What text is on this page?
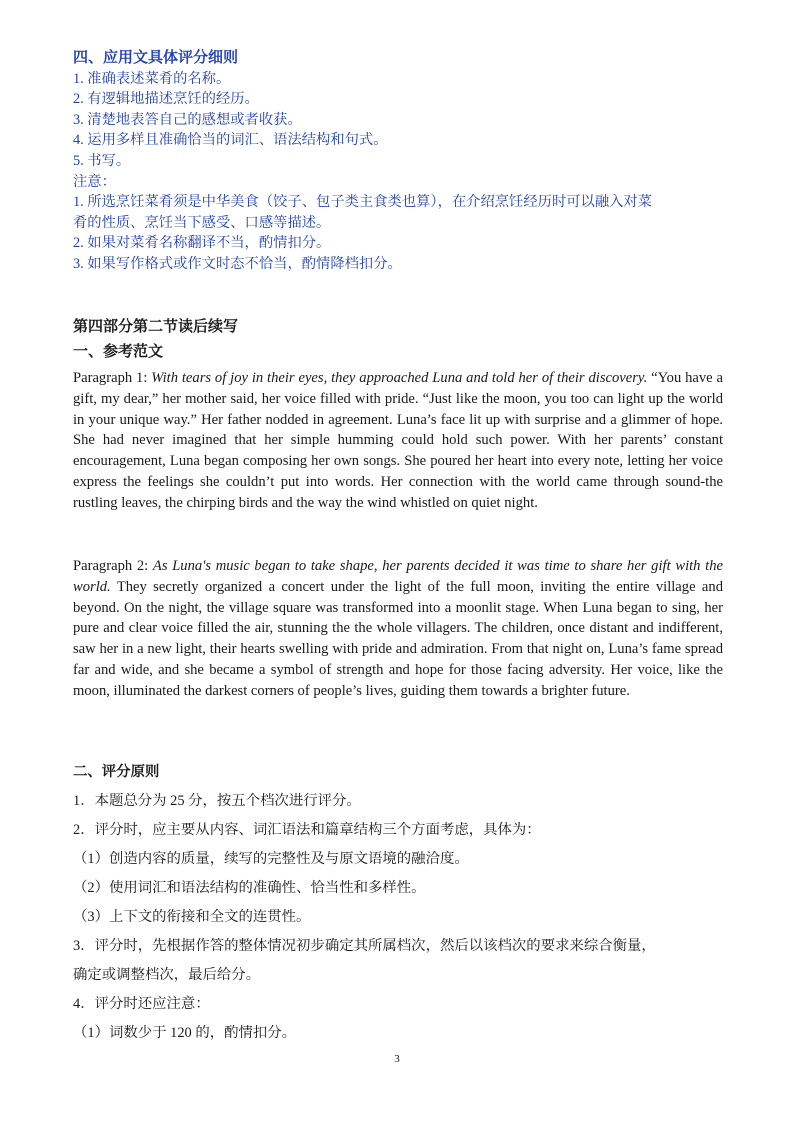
四、应用文具体评分细则
1. 准确表述菜肴的名称。
2. 有逻辑地描述烹饪的经历。
3. 清楚地表答自己的感想或者收获。
4. 运用多样且准确恰当的词汇、语法结构和句式。
5. 书写。
注意：
1. 所选烹饪菜肴须是中华美食（饺子、包子类主食类也算），在介绍烹饪经历时可以融入对菜
肴的性质、烹饪当下感受、口感等描述。
2. 如果对菜肴名称翻译不当，酌情扣分。
3. 如果写作格式或作文时态不恰当，酌情降档扣分。
第四部分第二节读后续写
一、参考范文

Paragraph 1: With tears of joy in their eyes, they approached Luna and told her of their discovery. “You have a gift, my dear,” her mother said, her voice filled with pride. “Just like the moon, you too can light up the world in your unique way.” Her father nodded in agreement. Luna’s face lit up with surprise and a glimmer of hope. She had never imagined that her simple humming could hold such power. With her parents’ constant encouragement, Luna began composing her own songs. She poured her heart into every note, letting her voice express the feelings she couldn’t put into words. Her connection with the world came through sound-the rustling leaves, the chirping birds and the way the wind whistled on quiet night.

Paragraph 2: As Luna's music began to take shape, her parents decided it was time to share her gift with the world. They secretly organized a concert under the light of the full moon, inviting the entire village and beyond. On the night, the village square was transformed into a moonlit stage. When Luna began to sing, her pure and clear voice filled the air, stunning the the whole villagers. The children, once distant and indifferent, saw her in a new light, their hearts swelling with pride and admiration. From that night on, Luna’s fame spread far and wide, and she became a symbol of strength and hope for those facing adversity. Her voice, like the moon, illuminated the darkest corners of people’s lives, guiding them towards a brighter future.

二、评分原则
1．本题总分为 25 分，按五个档次进行评分。
2．评分时，应主要从内容、词汇语法和篇章结构三个方面考虑，具体为：
（1）创造内容的质量，续写的完整性及与原文语境的融洽度。
（2）使用词汇和语法结构的准确性、恰当性和多样性。
（3）上下文的衔接和全文的连贯性。
3．评分时，先根据作答的整体情况初步确定其所属档次，然后以该档次的要求来综合衡量，
确定或调整档次，最后给分。
4．评分时还应注意：
（1）词数少于 120 的，酌情扣分。
3
